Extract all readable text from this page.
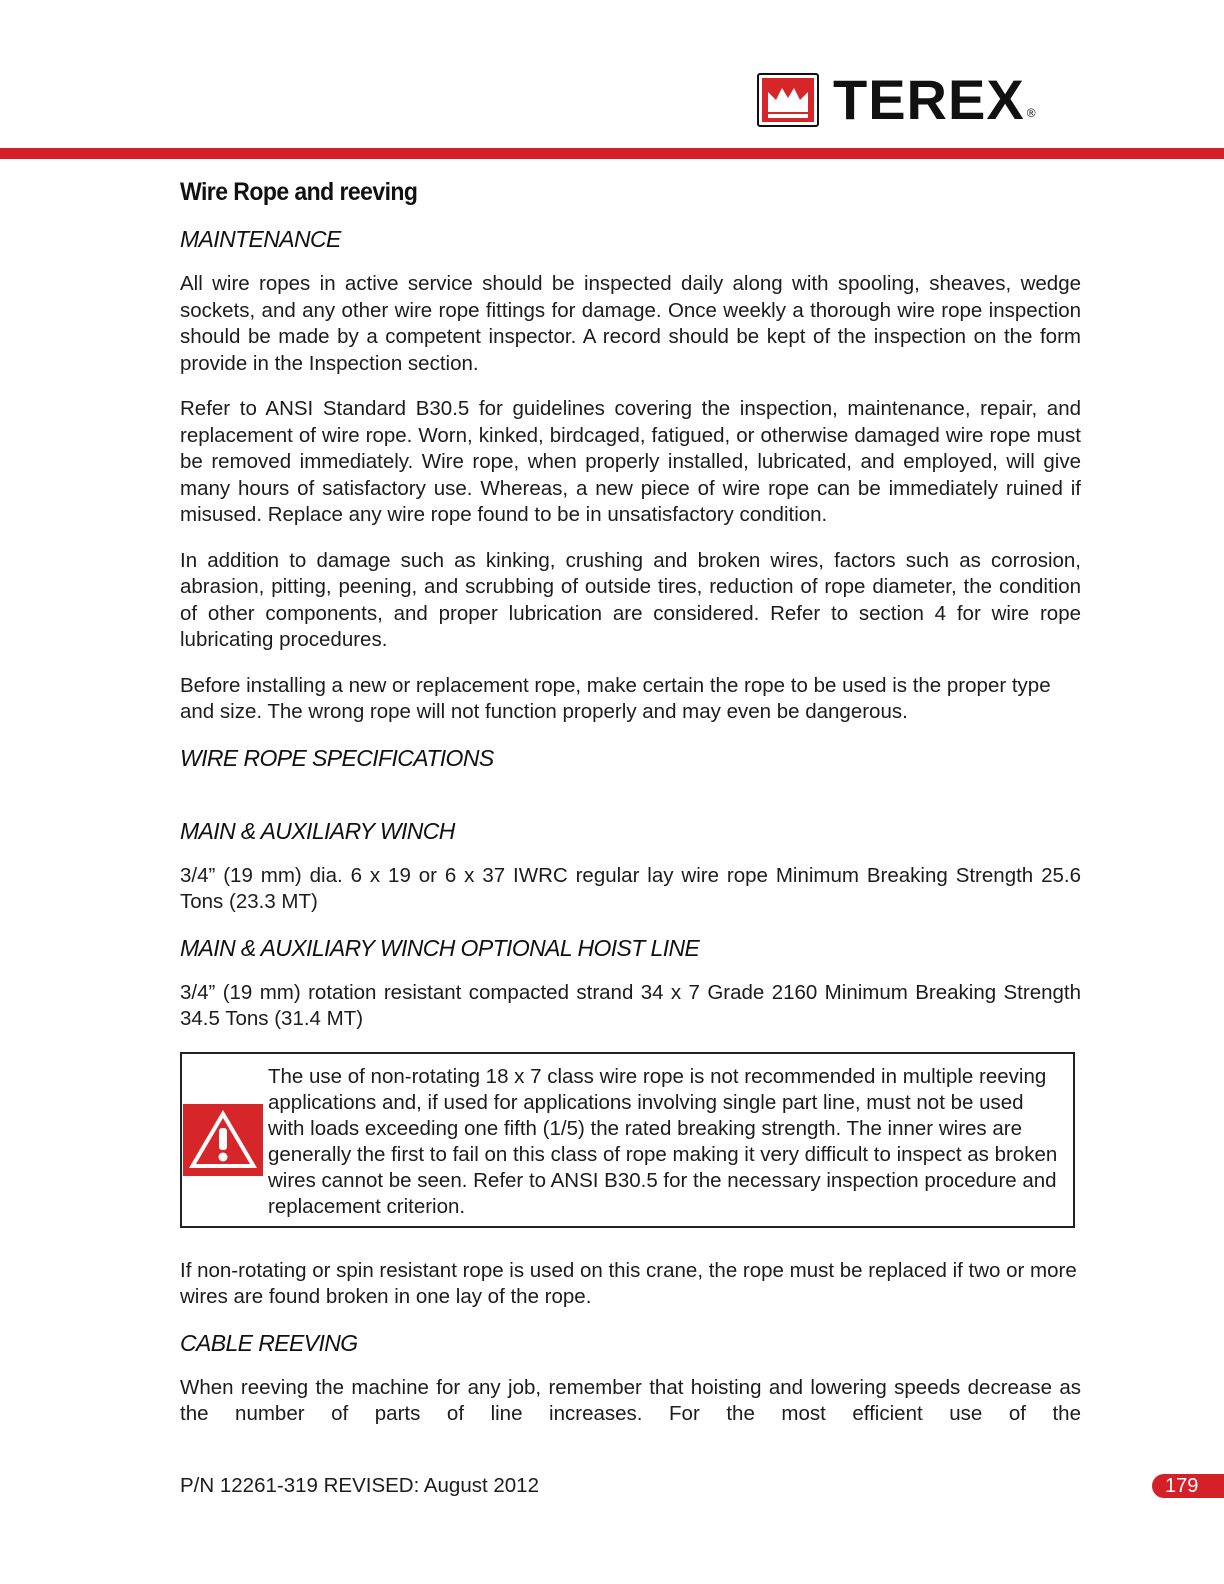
TEREX ®
Wire Rope and reeving
MAINTENANCE

All wire ropes in active service should be inspected daily along with spooling, sheaves, wedge sockets, and any other wire rope fittings for damage. Once weekly a thorough wire rope inspection should be made by a competent inspector. A record should be kept of the inspection on the form provide in the Inspection section.

Refer to ANSI Standard B30.5 for guidelines covering the inspection, maintenance, repair, and replacement of wire rope. Worn, kinked, birdcaged, fatigued, or otherwise damaged wire rope must be removed immediately. Wire rope, when properly installed, lubricated, and employed, will give many hours of satisfactory use. Whereas, a new piece of wire rope can be immediately ruined if misused. Replace any wire rope found to be in unsatisfactory condition.

In addition to damage such as kinking, crushing and broken wires, factors such as corrosion, abrasion, pitting, peening, and scrubbing of outside tires, reduction of rope diameter, the condition of other components, and proper lubrication are considered. Refer to section 4 for wire rope lubricating procedures.

Before installing a new or replacement rope, make certain the rope to be used is the proper type and size. The wrong rope will not function properly and may even be dangerous.

WIRE ROPE SPECIFICATIONS
MAIN & AUXILIARY WINCH

3/4” (19 mm) dia. 6 x 19 or 6 x 37 IWRC regular lay wire rope Minimum Breaking Strength 25.6 Tons (23.3 MT)

MAIN & AUXILIARY WINCH OPTIONAL HOIST LINE

3/4” (19 mm) rotation resistant compacted strand 34 x 7 Grade 2160 Minimum Breaking Strength 34.5 Tons (31.4 MT)

The use of non-rotating 18 x 7 class wire rope is not recommended in multiple reeving applications and, if used for applications involving single part line, must not be used with loads exceeding one fifth (1/5) the rated breaking strength. The inner wires are generally the first to fail on this class of rope making it very difficult to inspect as broken wires cannot be seen. Refer to ANSI B30.5 for the necessary inspection procedure and replacement criterion.

If non-rotating or spin resistant rope is used on this crane, the rope must be replaced if two or more wires are found broken in one lay of the rope.

CABLE REEVING

When reeving the machine for any job, remember that hoisting and lowering speeds decrease as the number of parts of line increases. For the most efficient use of the

P/N 12261-319 REVISED: August 2012	179
